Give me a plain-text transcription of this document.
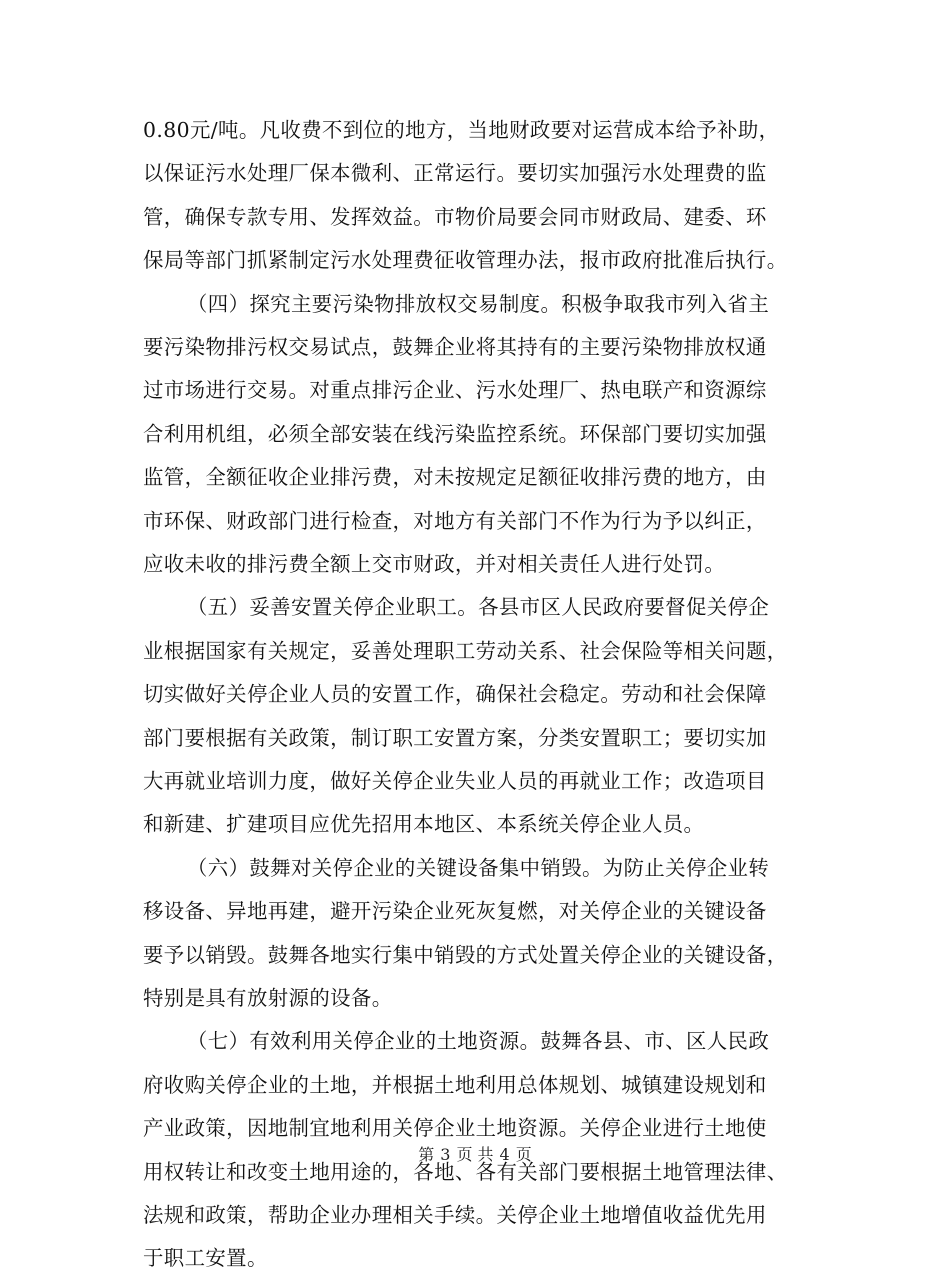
0.80元/吨。凡收费不到位的地方，当地财政要对运营成本给予补助，
以保证污水处理厂保本微利、正常运行。要切实加强污水处理费的监
管，确保专款专用、发挥效益。市物价局要会同市财政局、建委、环
保局等部门抓紧制定污水处理费征收管理办法，报市政府批准后执行。
（四）探究主要污染物排放权交易制度。积极争取我市列入省主
要污染物排污权交易试点，鼓舞企业将其持有的主要污染物排放权通
过市场进行交易。对重点排污企业、污水处理厂、热电联产和资源综
合利用机组，必须全部安装在线污染监控系统。环保部门要切实加强
监管，全额征收企业排污费，对未按规定足额征收排污费的地方，由
市环保、财政部门进行检查，对地方有关部门不作为行为予以纠正，
应收未收的排污费全额上交市财政，并对相关责任人进行处罚。
（五）妥善安置关停企业职工。各县市区人民政府要督促关停企
业根据国家有关规定，妥善处理职工劳动关系、社会保险等相关问题，
切实做好关停企业人员的安置工作，确保社会稳定。劳动和社会保障
部门要根据有关政策，制订职工安置方案，分类安置职工；要切实加
大再就业培训力度，做好关停企业失业人员的再就业工作；改造项目
和新建、扩建项目应优先招用本地区、本系统关停企业人员。
（六）鼓舞对关停企业的关键设备集中销毁。为防止关停企业转
移设备、异地再建，避开污染企业死灰复燃，对关停企业的关键设备
要予以销毁。鼓舞各地实行集中销毁的方式处置关停企业的关键设备，
特别是具有放射源的设备。
（七）有效利用关停企业的土地资源。鼓舞各县、市、区人民政
府收购关停企业的土地，并根据土地利用总体规划、城镇建设规划和
产业政策，因地制宜地利用关停企业土地资源。关停企业进行土地使
用权转让和改变土地用途的，各地、各有关部门要根据土地管理法律、
法规和政策，帮助企业办理相关手续。关停企业土地增值收益优先用
于职工安置。
第 3 页 共 4 页
